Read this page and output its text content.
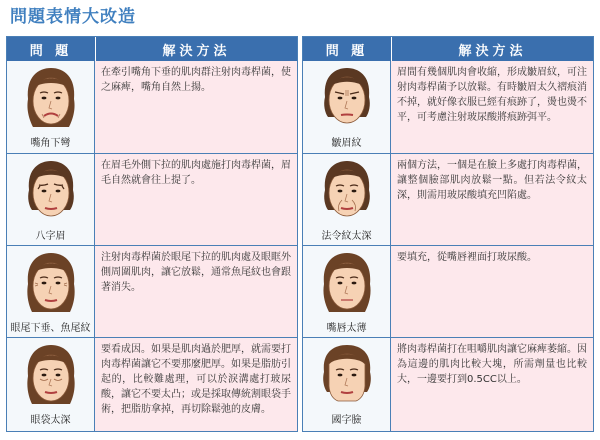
問題表情大改造
問 題	解決方法
嘴角下彎
在牽引嘴角下垂的肌肉群注射肉毒桿菌，使之麻痺，嘴角自然上揚。
八字眉
在眉毛外側下拉的肌肉處施打肉毒桿菌，眉毛自然就會往上提了。
眼尾下垂、魚尾紋
注射肉毒桿菌於眼尾下拉的肌肉處及眼眶外側周圍肌肉，讓它放鬆，通常魚尾紋也會跟著消失。
眼袋太深
要看成因。如果是肌肉過於肥厚，就需要打肉毒桿菌讓它不要那麼肥厚。如果是脂肪引起的，比較難處理，可以於淚溝處打玻尿酸，讓它不要太凸；或是採取傳統割眼袋手術，把脂肪拿掉，再切除鬆弛的皮膚。
問 題	解決方法
皺眉紋
眉間有幾個肌肉會收縮，形成皺眉紋，可注射肉毒桿菌予以放鬆。有時皺眉太久褶痕消不掉，就好像衣服已經有痕跡了，燙也燙不平，可考慮注射玻尿酸將痕跡弭平。
法令紋太深
兩個方法，一個是在臉上多處打肉毒桿菌，讓整個臉部肌肉放鬆一點。但若法令紋太深，則需用玻尿酸填充凹陷處。
嘴唇太薄
要填充，從嘴唇裡面打玻尿酸。
國字臉
將肉毒桿菌打在咀嚼肌肉讓它麻痺萎縮。因為這邊的肌肉比較大塊，所需劑量也比較大，一邊要打到0.5CC以上。
